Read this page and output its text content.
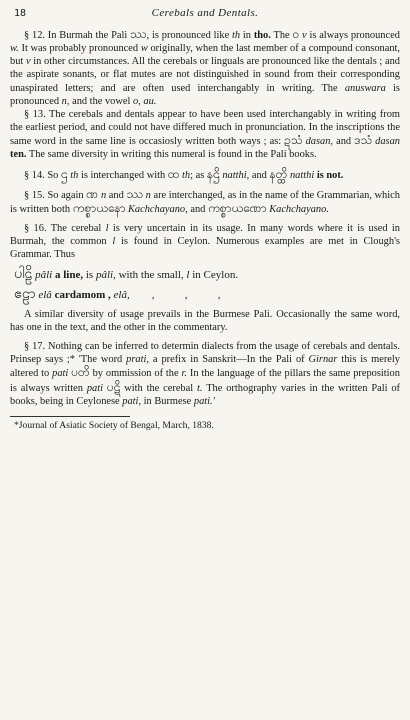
18	Cerebals and Dentals.

§ 12. In Burmah the Pali ဿ, is pronounced like th in tho. The ဝ v is always pronounced w. It was probably pronounced w originally, when the last member of a compound consonant, but v in other circumstances. All the cerebals or linguals are pronounced like the dentals ; and the aspirate sonants, or flat mutes are not distinguished in sound from their corresponding unaspirated letters; and are often used interchangably in writing. The anuswara is pronounced n, and the vowel o, au.

§ 13. The cerebals and dentals appear to have been used interchangably in writing from the earliest period, and could not have differed much in pronunciation. In the inscriptions the same word in the same line is occasiosly written both ways ; as: ဍသံ dasan, and ဒသံ dasan ten. The same diversity in writing this numeral is found in the Pali books.

§ 14. So ဌ th is interchanged with ထ th; as နဌိ natthi, and နတ္ထိ natthi is not.

§ 15. So again ဏ n and ဿ n are interchanged, as in the name of the Grammarian, which is written both ကစ္စာယနော Kachchayano, and ကစ္စာယဏော Kachchayano.

§ 16. The cerebal l is very uncertain in its usage. In many words where it is used in Burmah, the common l is found in Ceylon. Numerous examples are met in Clough's Grammar. Thus

ပါဠိ pâli a line, is pâli, with the small, l in Ceylon.

ဧဠာ elâ cardamom , elâ, ,	,	,

A similar diversity of usage prevails in the Burmese Pali. Occasionally the same word, has one in the text, and the other in the commentary.

§ 17. Nothing can be inferred to determin dialects from the usage of cerebals and dentals. Prinsep says ;* 'The word prati, a prefix in Sanskrit—In the Pali of Girnar this is merely altered to pati ပတိ by ommission of the r. In the language of the pillars the same preposition is always written pati ပဋိ with the cerebal t. The orthography varies in the written Pali of books, being in Ceylonese pati, in Burmese pati.'

*Journal of Asiatic Society of Bengal, March, 1838.
